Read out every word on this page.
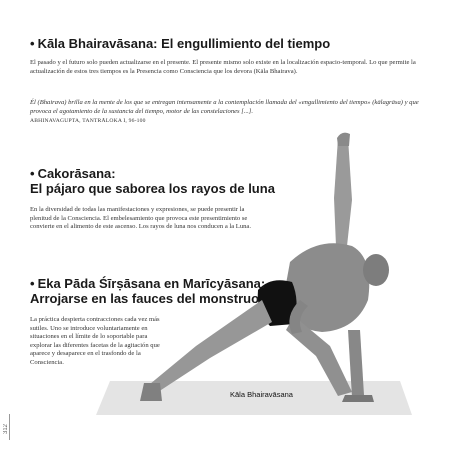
• Kāla Bhairavāsana: El engullimiento del tiempo

El pasado y el futuro solo pueden actualizarse en el presente. El presente mismo solo existe en la localización espacio-temporal. Lo que permite la actualización de estos tres tiempos es la Presencia como Consciencia que los devora (Kāla Bhairava).

Él (Bhairava) brilla en la mente de los que se entregan intensamente a la contemplación llamada del «engullimiento del tiempo» (kālagrāsa) y que provoca el agotamiento de la sustancia del tiempo, motor de las constelaciones [...].

ABHINAVAGUPTA, TANTRĀLOKA I, 96-100

• Cakorāsana:
El pájaro que saborea los rayos de luna

En la diversidad de todas las manifestaciones y expresiones, se puede presentir la plenitud de la Consciencia. El embelesamiento que provoca este presentimiento se convierte en el alimento de este ascenso. Los rayos de luna nos conducen a la Luna.

• Eka Pāda Śīrṣāsana en Marīcyāsana:
Arrojarse en las fauces del monstruo

La práctica despierta contracciones cada vez más sutiles. Uno se introduce voluntariamente en situaciones en el límite de lo soportable para explorar las diferentes facetas de la agitación que aparece y desaparece en el trasfondo de la Consciencia.

Kāla Bhairavāsana
312
